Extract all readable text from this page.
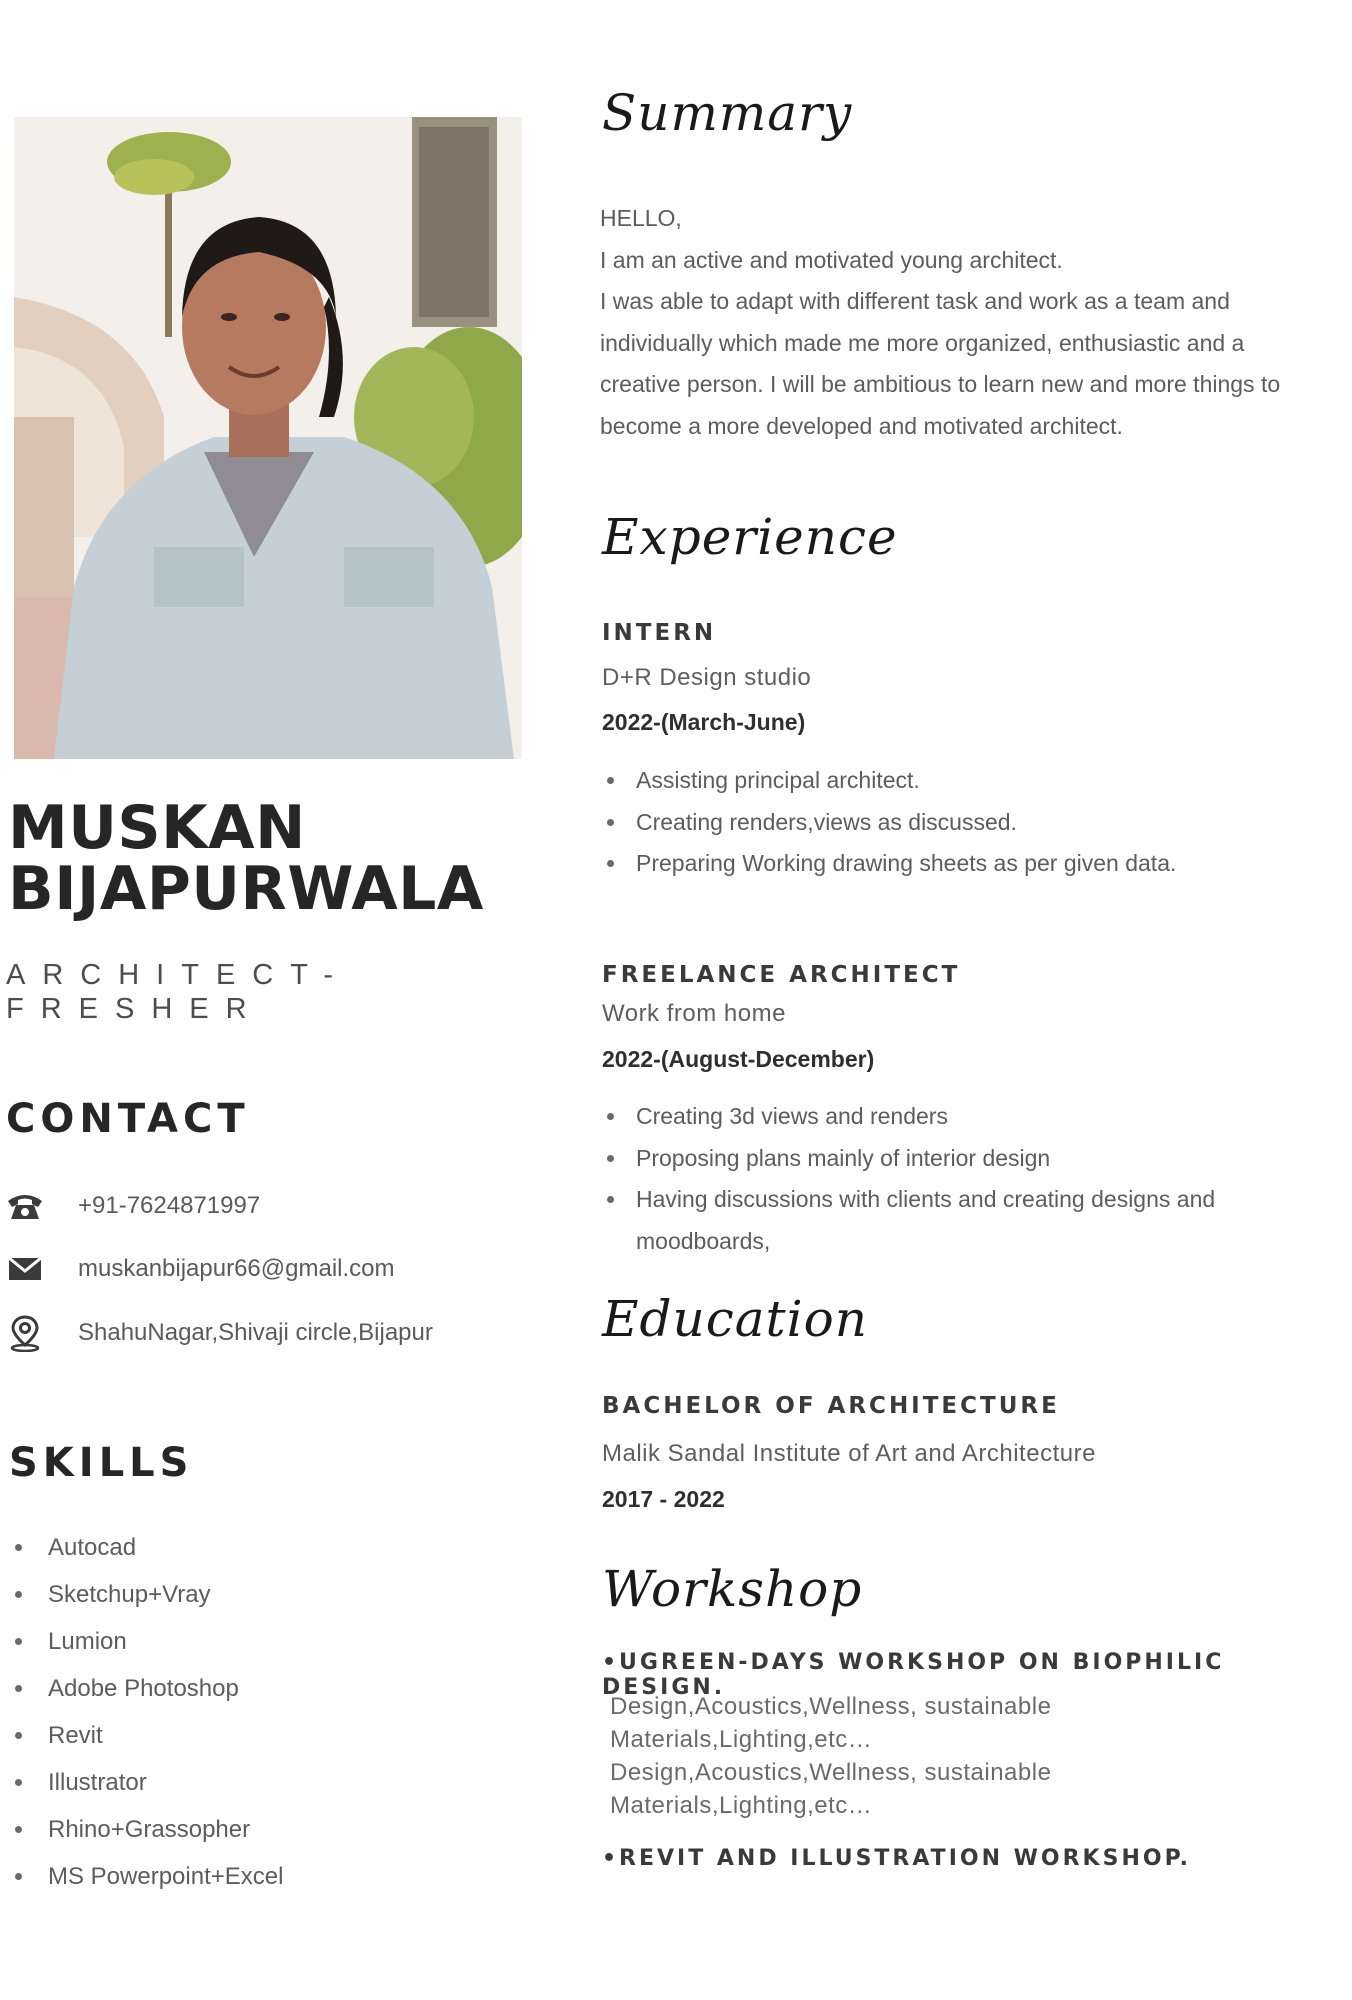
MUSKAN
BIJAPURWALA
ARCHITECT-
FRESHER
CONTACT
+91-7624871997
muskanbijapur66@gmail.com
ShahuNagar,Shivaji circle,Bijapur
SKILLS
Autocad
Sketchup+Vray
Lumion
Adobe Photoshop
Revit
Illustrator
Rhino+Grassopher
MS Powerpoint+Excel
Summary

HELLO,

I am an active and motivated young architect.

I was able to adapt with different task and work as a team and

individually which made me more organized, enthusiastic and a

creative person. I will be ambitious to learn new and more things to

become a more developed and motivated architect.

Experience
INTERN
D+R Design studio
2022-(March-June)
Assisting principal architect.
Creating renders,views as discussed.
Preparing Working drawing sheets as per given data.
FREELANCE ARCHITECT
Work from home
2022-(August-December)
Creating 3d views and renders
Proposing plans mainly of interior design
Having discussions with clients and creating designs and moodboards,
Education
BACHELOR OF ARCHITECTURE
Malik Sandal Institute of Art and Architecture
2017 - 2022
Workshop
•UGREEN-DAYS WORKSHOP ON BIOPHILIC DESIGN.
Design,Acoustics,Wellness, sustainable
Materials,Lighting,etc…
Design,Acoustics,Wellness, sustainable
Materials,Lighting,etc…
•REVIT AND ILLUSTRATION WORKSHOP.
